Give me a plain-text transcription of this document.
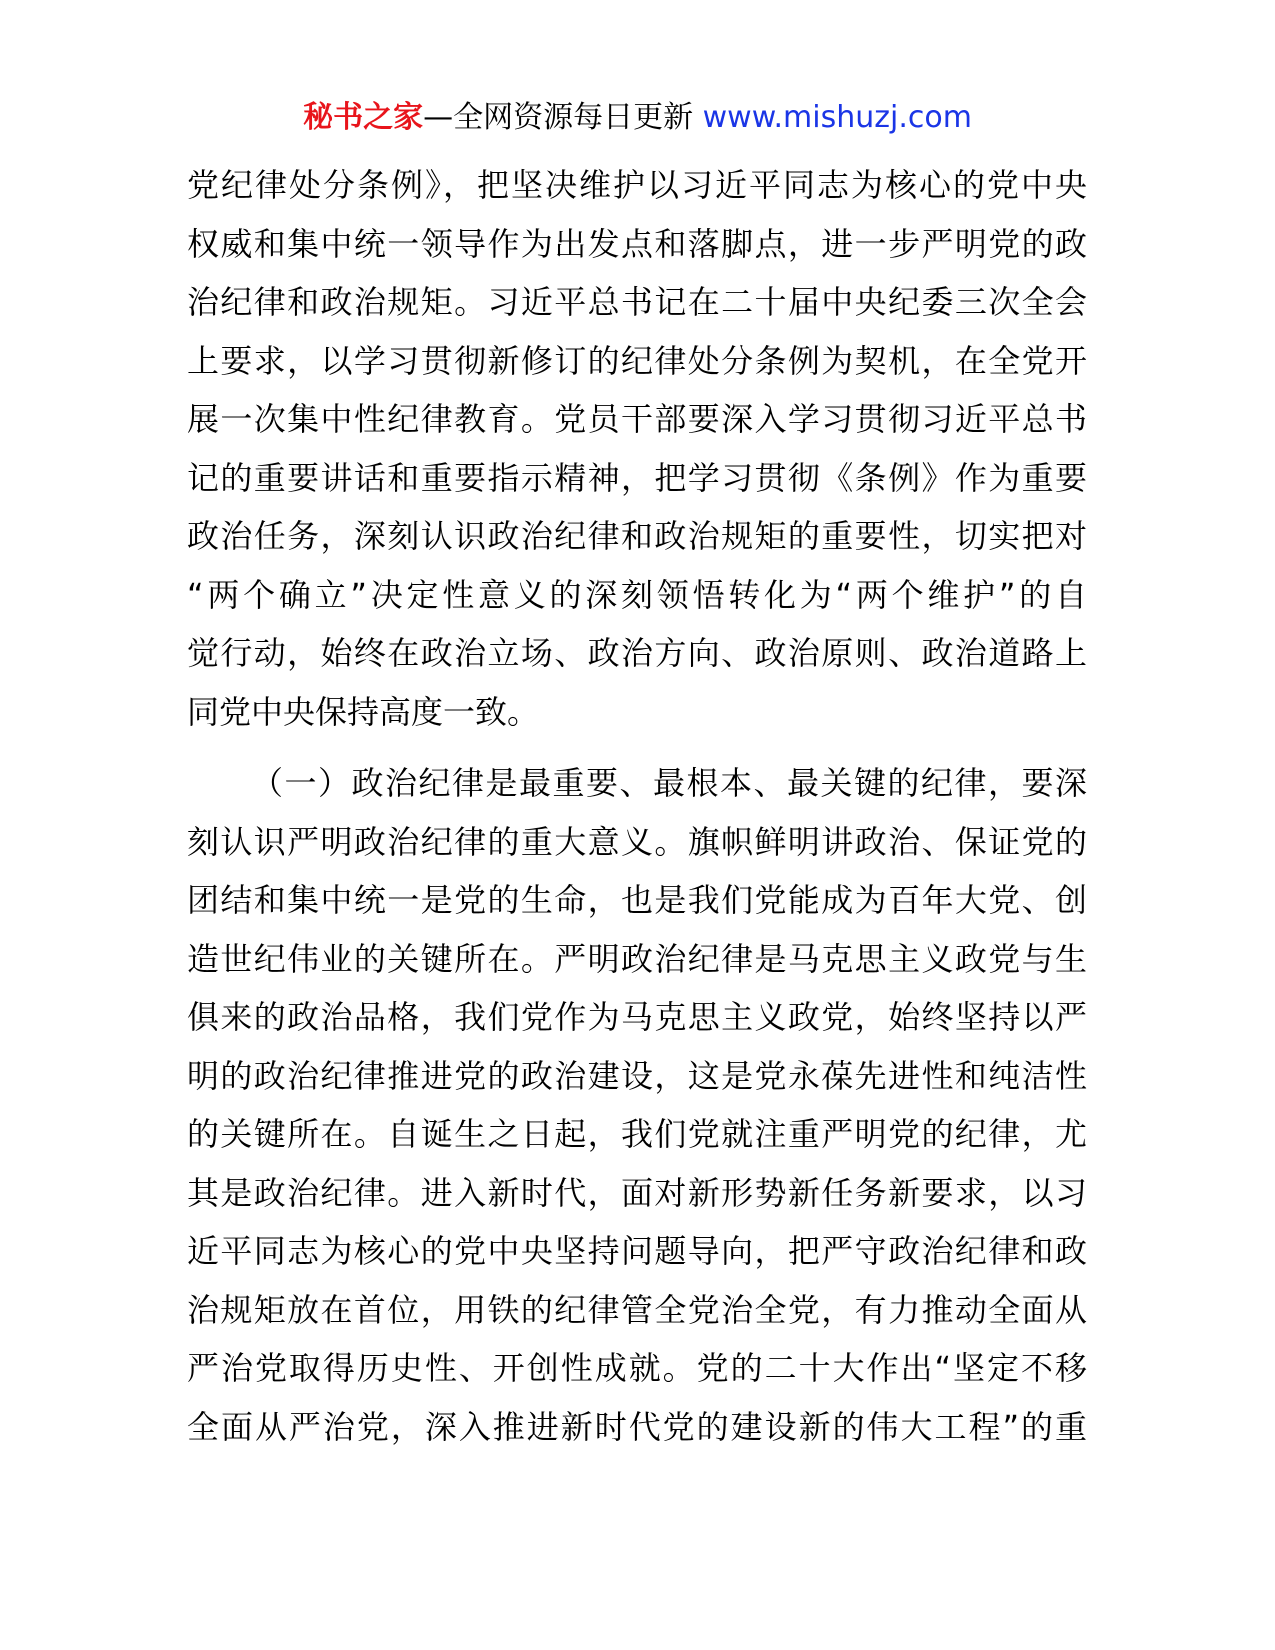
秘书之家—全网资源每日更新 www.mishuzj.com
党纪律处分条例》，把坚决维护以习近平同志为核心的党中央
权威和集中统一领导作为出发点和落脚点，进一步严明党的政
治纪律和政治规矩。习近平总书记在二十届中央纪委三次全会
上要求，以学习贯彻新修订的纪律处分条例为契机，在全党开
展一次集中性纪律教育。党员干部要深入学习贯彻习近平总书
记的重要讲话和重要指示精神，把学习贯彻《条例》作为重要
政治任务，深刻认识政治纪律和政治规矩的重要性，切实把对
“两个确立”决定性意义的深刻领悟转化为“两个维护”的自
觉行动，始终在政治立场、政治方向、政治原则、政治道路上
同党中央保持高度一致。
（一）政治纪律是最重要、最根本、最关键的纪律，要深
刻认识严明政治纪律的重大意义。旗帜鲜明讲政治、保证党的
团结和集中统一是党的生命，也是我们党能成为百年大党、创
造世纪伟业的关键所在。严明政治纪律是马克思主义政党与生
俱来的政治品格，我们党作为马克思主义政党，始终坚持以严
明的政治纪律推进党的政治建设，这是党永葆先进性和纯洁性
的关键所在。自诞生之日起，我们党就注重严明党的纪律，尤
其是政治纪律。进入新时代，面对新形势新任务新要求，以习
近平同志为核心的党中央坚持问题导向，把严守政治纪律和政
治规矩放在首位，用铁的纪律管全党治全党，有力推动全面从
严治党取得历史性、开创性成就。党的二十大作出“坚定不移
全面从严治党，深入推进新时代党的建设新的伟大工程”的重
